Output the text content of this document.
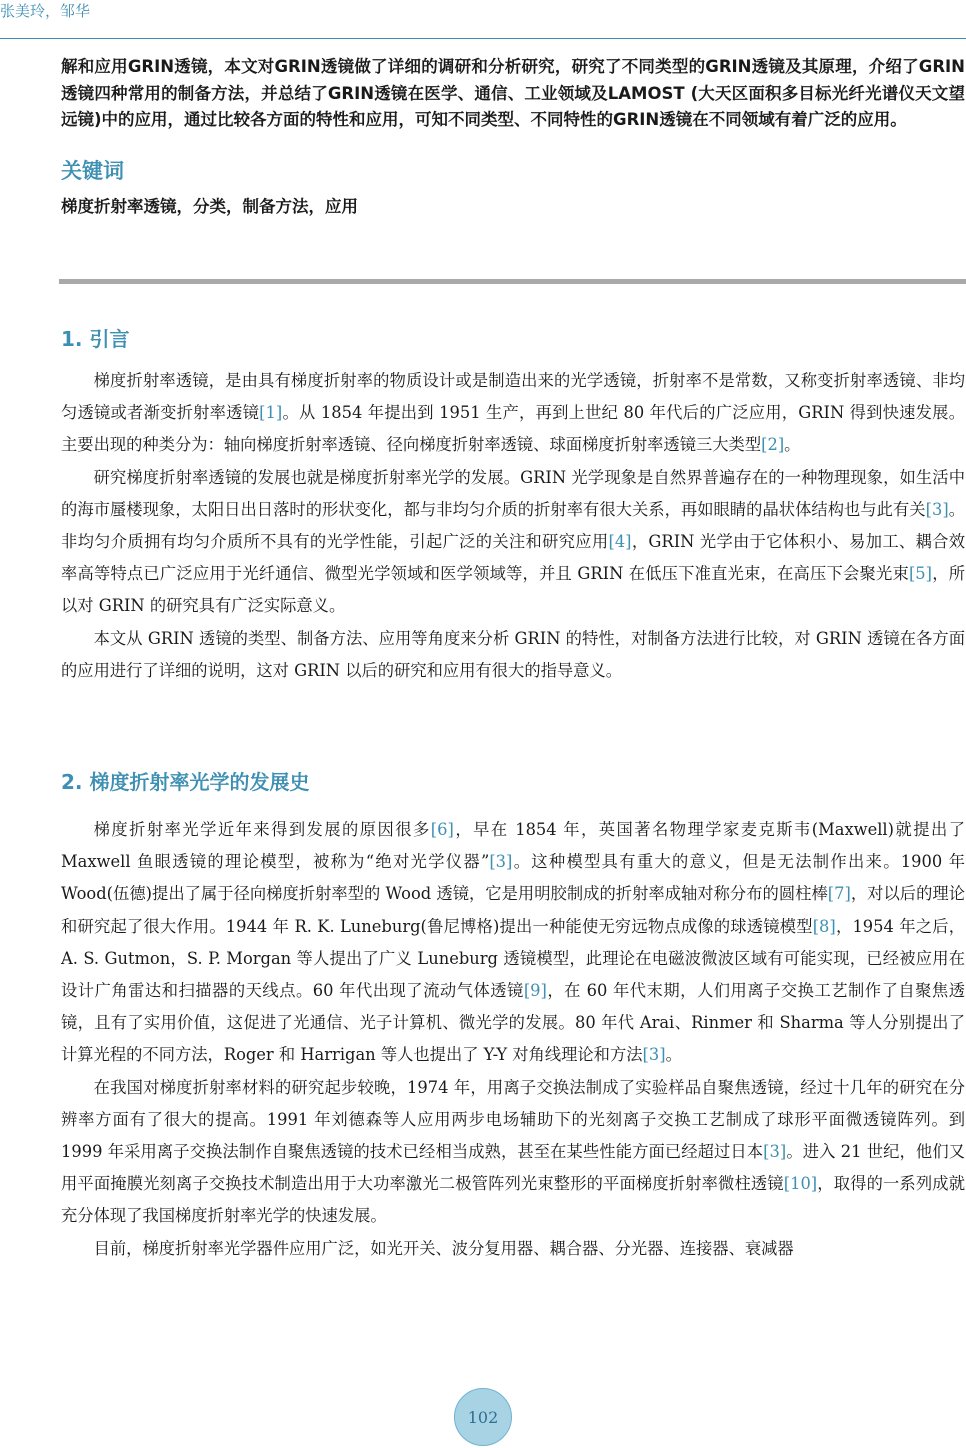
张美玲，邹华

解和应用GRIN透镜，本文对GRIN透镜做了详细的调研和分析研究，研究了不同类型的GRIN透镜及其原理，介绍了GRIN透镜四种常用的制备方法，并总结了GRIN透镜在医学、通信、工业领域及LAMOST (大天区面积多目标光纤光谱仪天文望远镜)中的应用，通过比较各方面的特性和应用，可知不同类型、不同特性的GRIN透镜在不同领域有着广泛的应用。

关键词

梯度折射率透镜，分类，制备方法，应用

1. 引言

梯度折射率透镜，是由具有梯度折射率的物质设计或是制造出来的光学透镜，折射率不是常数，又称变折射率透镜、非均匀透镜或者渐变折射率透镜[1]。从 1854 年提出到 1951 生产，再到上世纪 80 年代后的广泛应用，GRIN 得到快速发展。主要出现的种类分为：轴向梯度折射率透镜、径向梯度折射率透镜、球面梯度折射率透镜三大类型[2]。

研究梯度折射率透镜的发展也就是梯度折射率光学的发展。GRIN 光学现象是自然界普遍存在的一种物理现象，如生活中的海市蜃楼现象，太阳日出日落时的形状变化，都与非均匀介质的折射率有很大关系，再如眼睛的晶状体结构也与此有关[3]。非均匀介质拥有均匀介质所不具有的光学性能，引起广泛的关注和研究应用[4]，GRIN 光学由于它体积小、易加工、耦合效率高等特点已广泛应用于光纤通信、微型光学领域和医学领域等，并且 GRIN 在低压下准直光束，在高压下会聚光束[5]，所以对 GRIN 的研究具有广泛实际意义。

本文从 GRIN 透镜的类型、制备方法、应用等角度来分析 GRIN 的特性，对制备方法进行比较，对 GRIN 透镜在各方面的应用进行了详细的说明，这对 GRIN 以后的研究和应用有很大的指导意义。

2. 梯度折射率光学的发展史

梯度折射率光学近年来得到发展的原因很多[6]，早在 1854 年，英国著名物理学家麦克斯韦(Maxwell)就提出了 Maxwell 鱼眼透镜的理论模型，被称为“绝对光学仪器”[3]。这种模型具有重大的意义，但是无法制作出来。1900 年 Wood(伍德)提出了属于径向梯度折射率型的 Wood 透镜，它是用明胶制成的折射率成轴对称分布的圆柱棒[7]，对以后的理论和研究起了很大作用。1944 年 R. K. Luneburg(鲁尼博格)提出一种能使无穷远物点成像的球透镜模型[8]，1954 年之后，A. S. Gutmon，S. P. Morgan 等人提出了广义 Luneburg 透镜模型，此理论在电磁波微波区域有可能实现，已经被应用在设计广角雷达和扫描器的天线点。60 年代出现了流动气体透镜[9]，在 60 年代末期，人们用离子交换工艺制作了自聚焦透镜，且有了实用价值，这促进了光通信、光子计算机、微光学的发展。80 年代 Arai、Rinmer 和 Sharma 等人分别提出了计算光程的不同方法，Roger 和 Harrigan 等人也提出了 Y-Y 对角线理论和方法[3]。

在我国对梯度折射率材料的研究起步较晚，1974 年，用离子交换法制成了实验样品自聚焦透镜，经过十几年的研究在分辨率方面有了很大的提高。1991 年刘德森等人应用两步电场辅助下的光刻离子交换工艺制成了球形平面微透镜阵列。到 1999 年采用离子交换法制作自聚焦透镜的技术已经相当成熟，甚至在某些性能方面已经超过日本[3]。进入 21 世纪，他们又用平面掩膜光刻离子交换技术制造出用于大功率激光二极管阵列光束整形的平面梯度折射率微柱透镜[10]，取得的一系列成就充分体现了我国梯度折射率光学的快速发展。

目前，梯度折射率光学器件应用广泛，如光开关、波分复用器、耦合器、分光器、连接器、衰减器

102
